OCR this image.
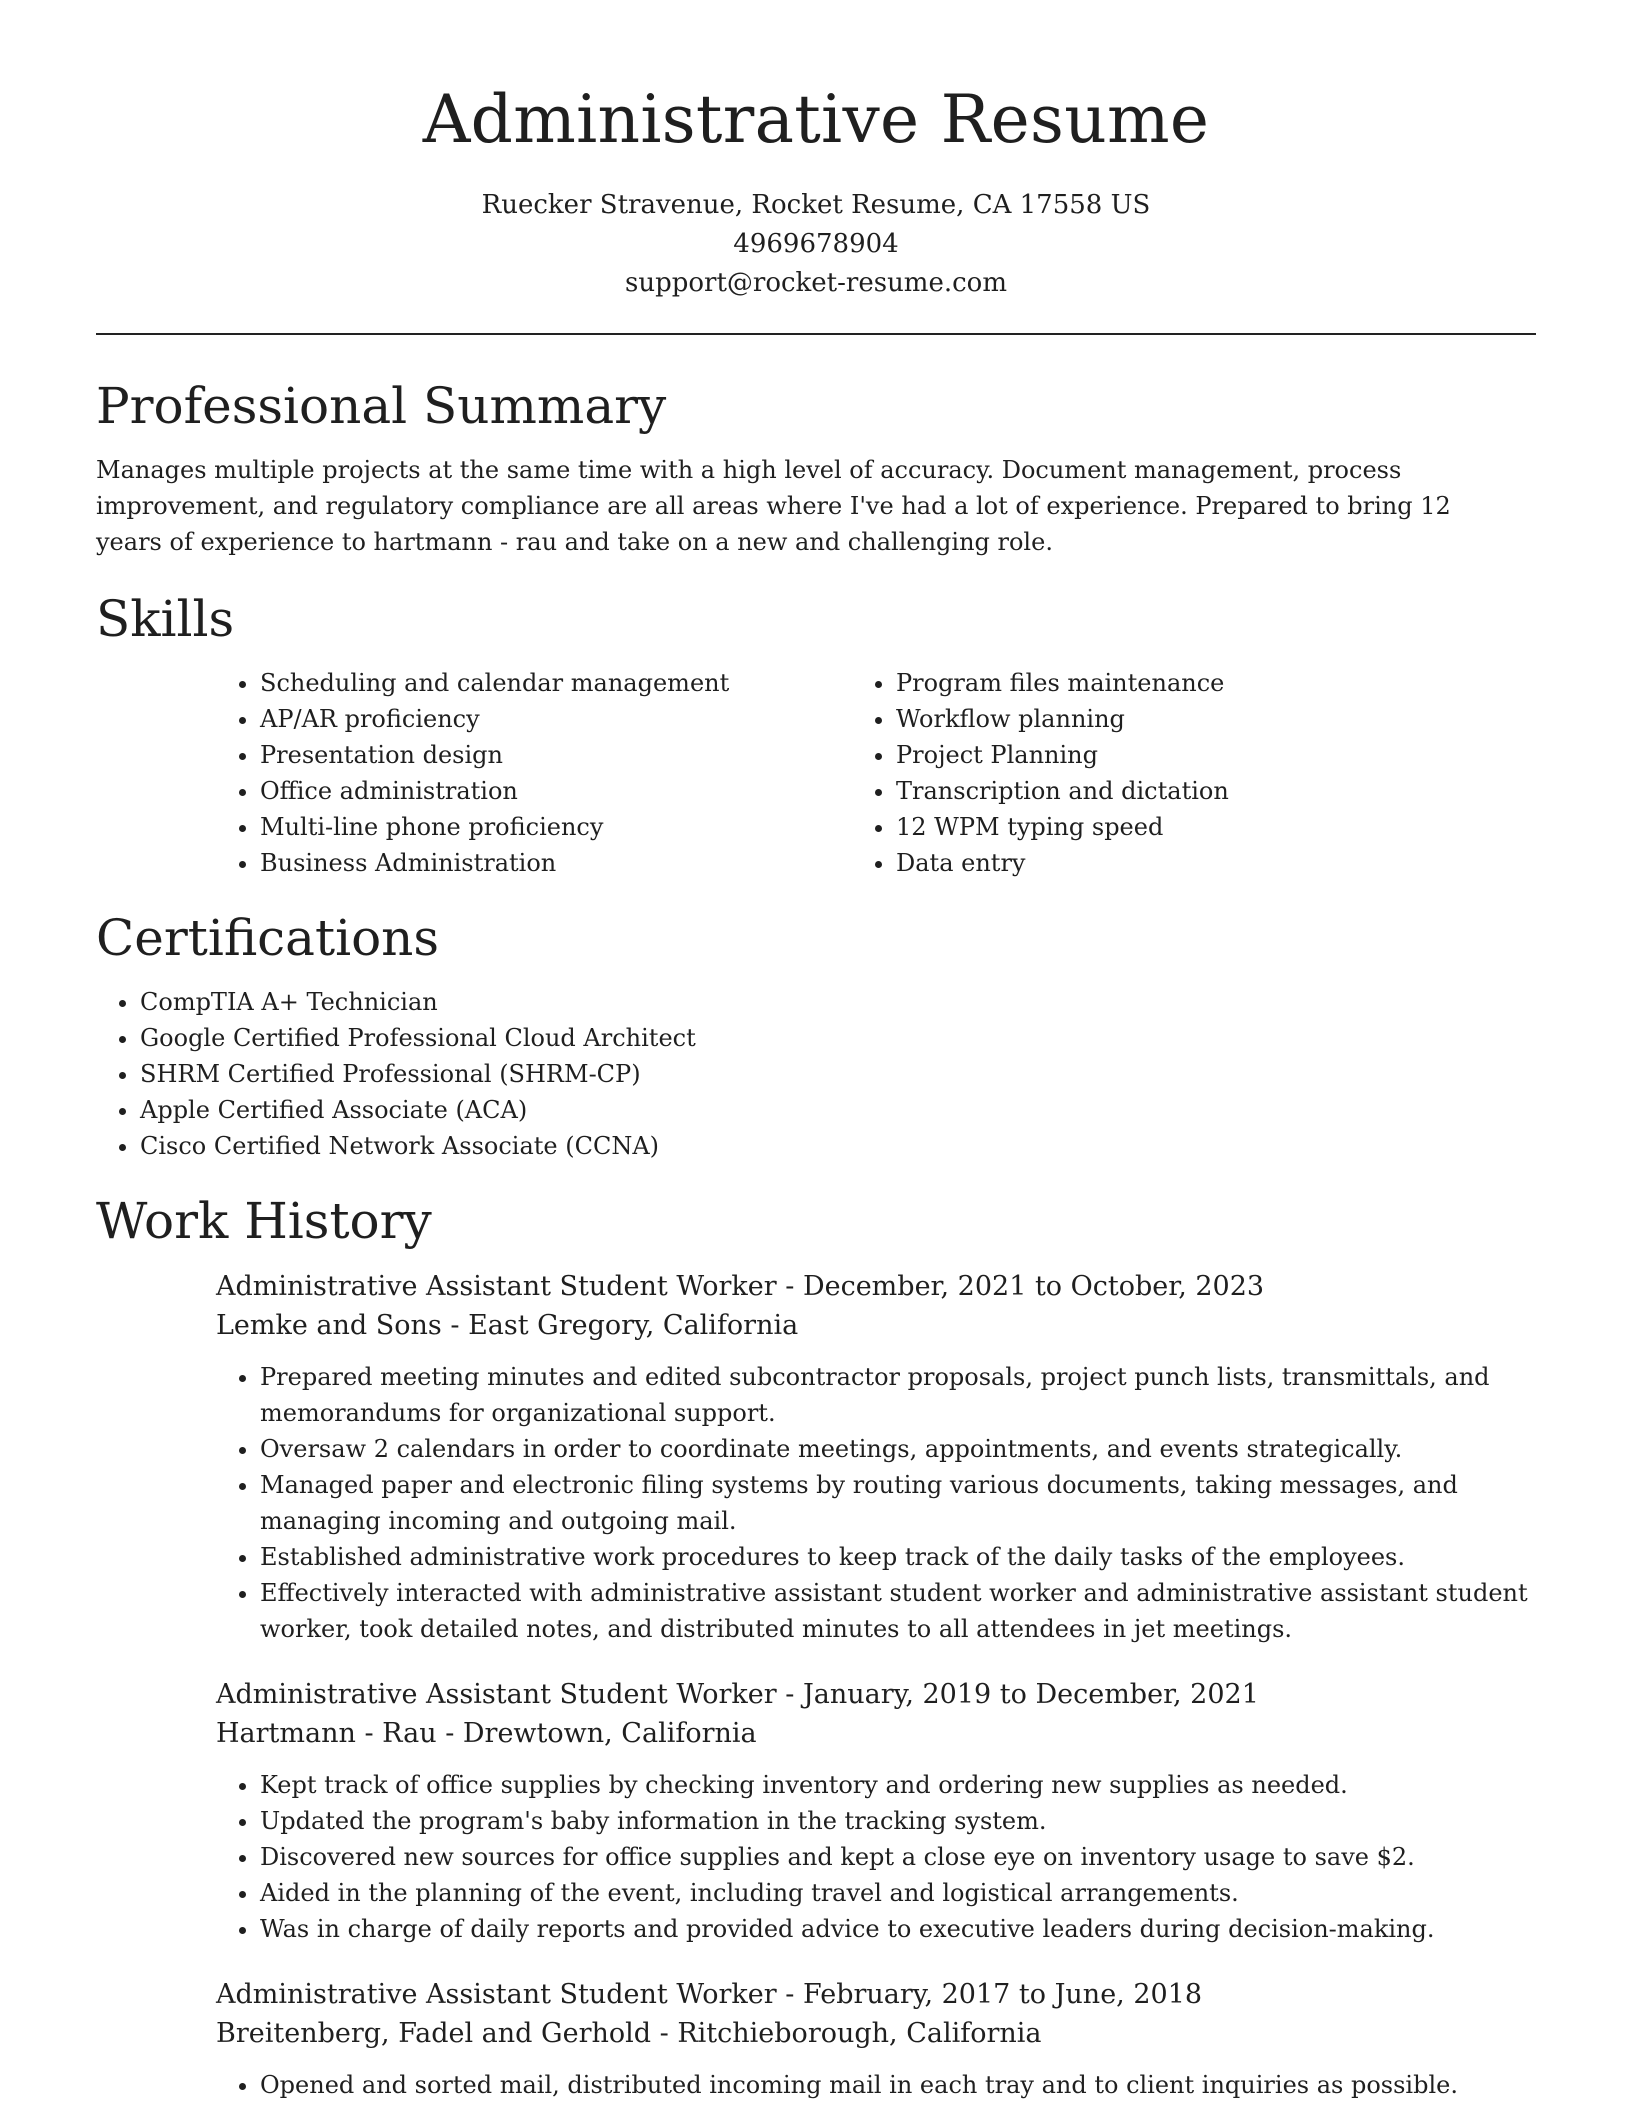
Administrative Resume
Ruecker Stravenue, Rocket Resume, CA 17558 US
4969678904
support@rocket-resume.com
Professional Summary

Manages multiple projects at the same time with a high level of accuracy. Document management, process improvement, and regulatory compliance are all areas where I've had a lot of experience. Prepared to bring 12 years of experience to hartmann - rau and take on a new and challenging role.

Skills
• Scheduling and calendar management
• AP/AR proficiency
• Presentation design
• Office administration
• Multi-line phone proficiency
• Business Administration
• Program files maintenance
• Workflow planning
• Project Planning
• Transcription and dictation
• 12 WPM typing speed
• Data entry
Certifications
• CompTIA A+ Technician
• Google Certified Professional Cloud Architect
• SHRM Certified Professional (SHRM-CP)
• Apple Certified Associate (ACA)
• Cisco Certified Network Associate (CCNA)
Work History
Administrative Assistant Student Worker - December, 2021 to October, 2023
Lemke and Sons - East Gregory, California
• Prepared meeting minutes and edited subcontractor proposals, project punch lists, transmittals, and memorandums for organizational support.
• Oversaw 2 calendars in order to coordinate meetings, appointments, and events strategically.
• Managed paper and electronic filing systems by routing various documents, taking messages, and managing incoming and outgoing mail.
• Established administrative work procedures to keep track of the daily tasks of the employees.
• Effectively interacted with administrative assistant student worker and administrative assistant student worker, took detailed notes, and distributed minutes to all attendees in jet meetings.
Administrative Assistant Student Worker - January, 2019 to December, 2021
Hartmann - Rau - Drewtown, California
• Kept track of office supplies by checking inventory and ordering new supplies as needed.
• Updated the program's baby information in the tracking system.
• Discovered new sources for office supplies and kept a close eye on inventory usage to save $2.
• Aided in the planning of the event, including travel and logistical arrangements.
• Was in charge of daily reports and provided advice to executive leaders during decision-making.
Administrative Assistant Student Worker - February, 2017 to June, 2018
Breitenberg, Fadel and Gerhold - Ritchieborough, California
• Opened and sorted mail, distributed incoming mail in each tray and to client inquiries as possible.
